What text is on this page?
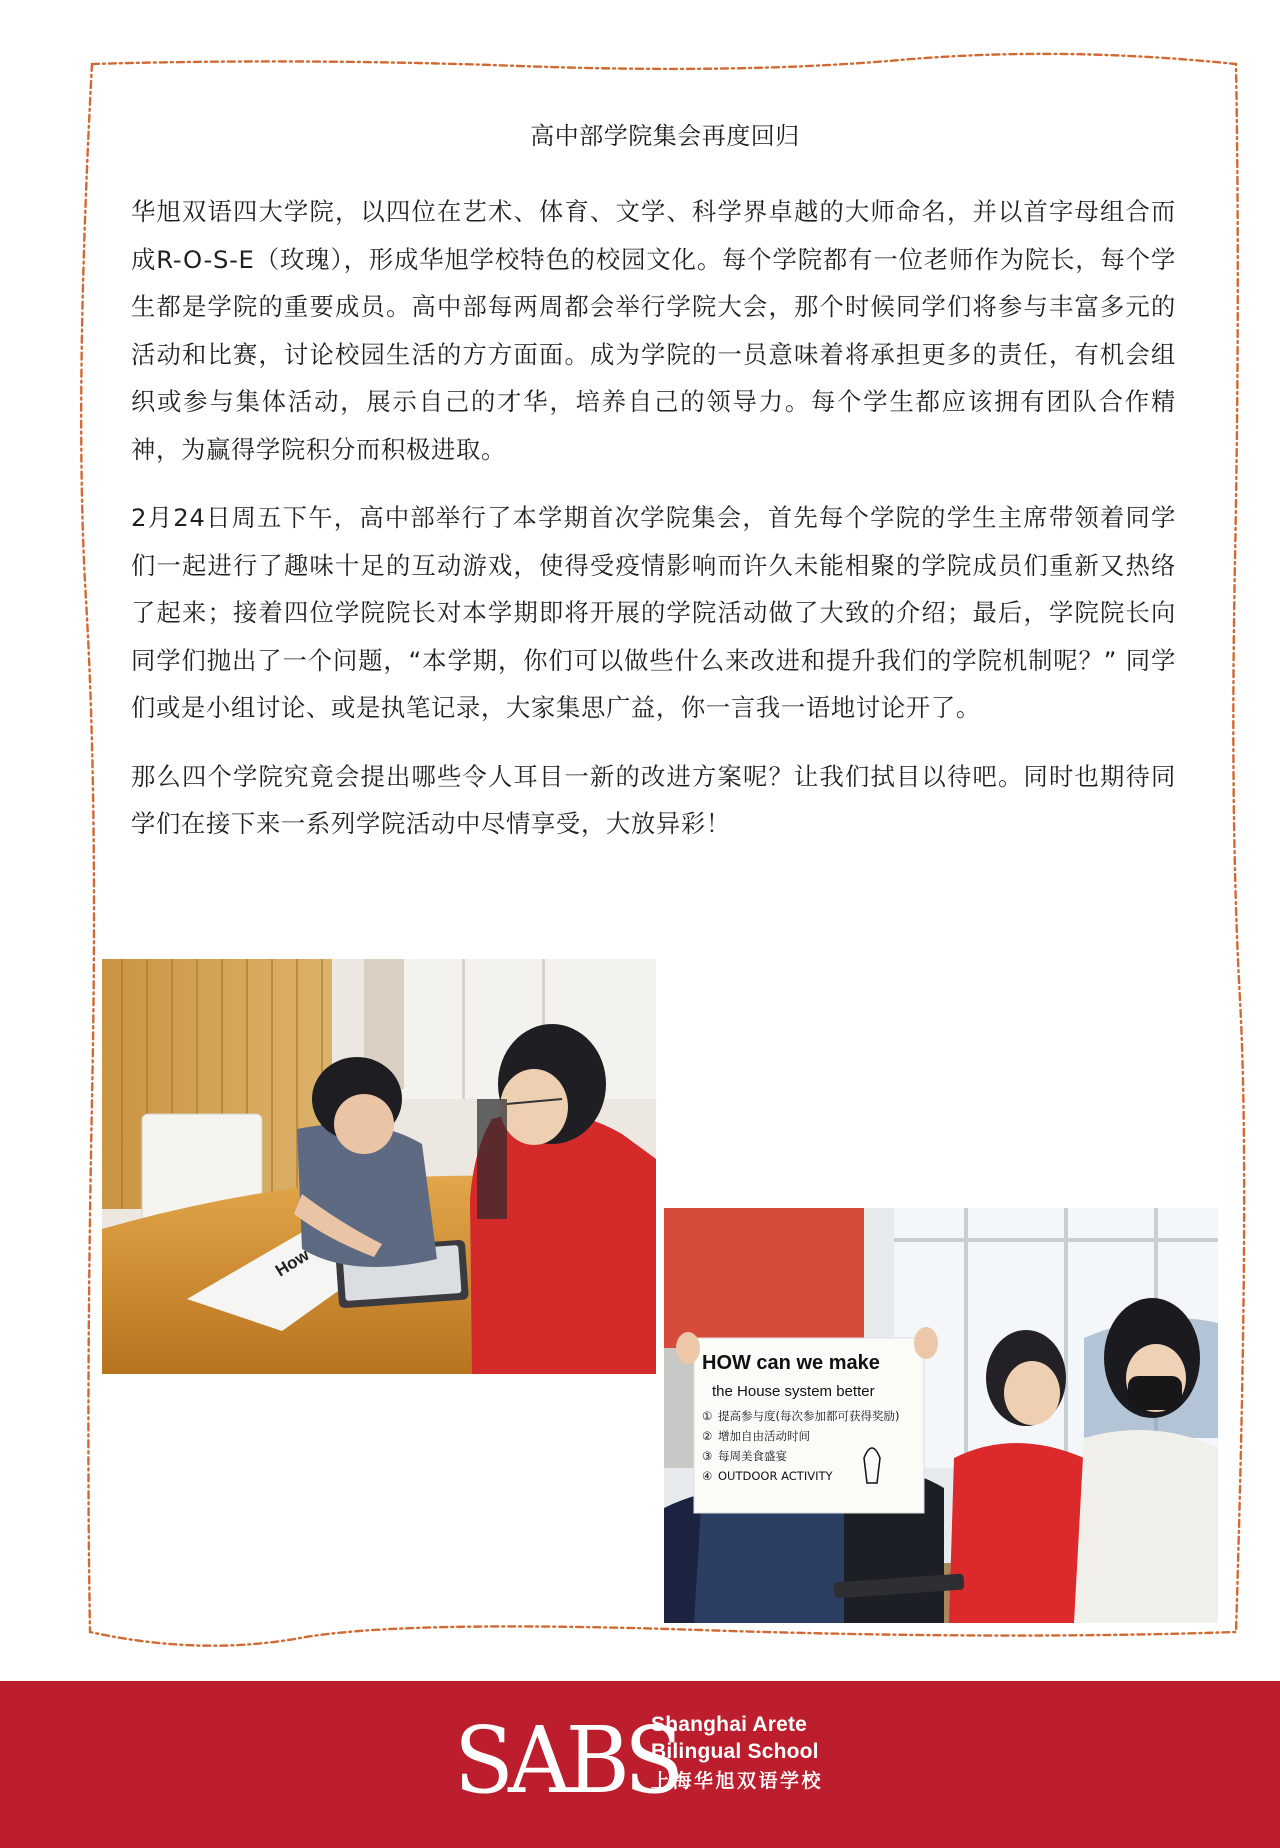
高中部学院集会再度回归

华旭双语四大学院，以四位在艺术、体育、文学、科学界卓越的大师命名，并以首字母组合而成R-O-S-E（玫瑰），形成华旭学校特色的校园文化。每个学院都有一位老师作为院长，每个学生都是学院的重要成员。高中部每两周都会举行学院大会，那个时候同学们将参与丰富多元的活动和比赛，讨论校园生活的方方面面。成为学院的一员意味着将承担更多的责任，有机会组织或参与集体活动，展示自己的才华，培养自己的领导力。每个学生都应该拥有团队合作精神，为赢得学院积分而积极进取。

2月24日周五下午，高中部举行了本学期首次学院集会，首先每个学院的学生主席带领着同学们一起进行了趣味十足的互动游戏，使得受疫情影响而许久未能相聚的学院成员们重新又热络了起来；接着四位学院院长对本学期即将开展的学院活动做了大致的介绍；最后，学院院长向同学们抛出了一个问题，“本学期，你们可以做些什么来改进和提升我们的学院机制呢？” 同学们或是小组讨论、或是执笔记录，大家集思广益，你一言我一语地讨论开了。

那么四个学院究竟会提出哪些令人耳目一新的改进方案呢？让我们拭目以待吧。同时也期待同学们在接下来一系列学院活动中尽情享受，大放异彩！

How
HOW can we make
the House system better
① 提高参与度(每次参加都可获得奖励)
② 增加自由活动时间
③ 每周美食盛宴
④ OUTDOOR ACTIVITY
SABS
Shanghai Arete
Bilingual School
上海华旭双语学校
